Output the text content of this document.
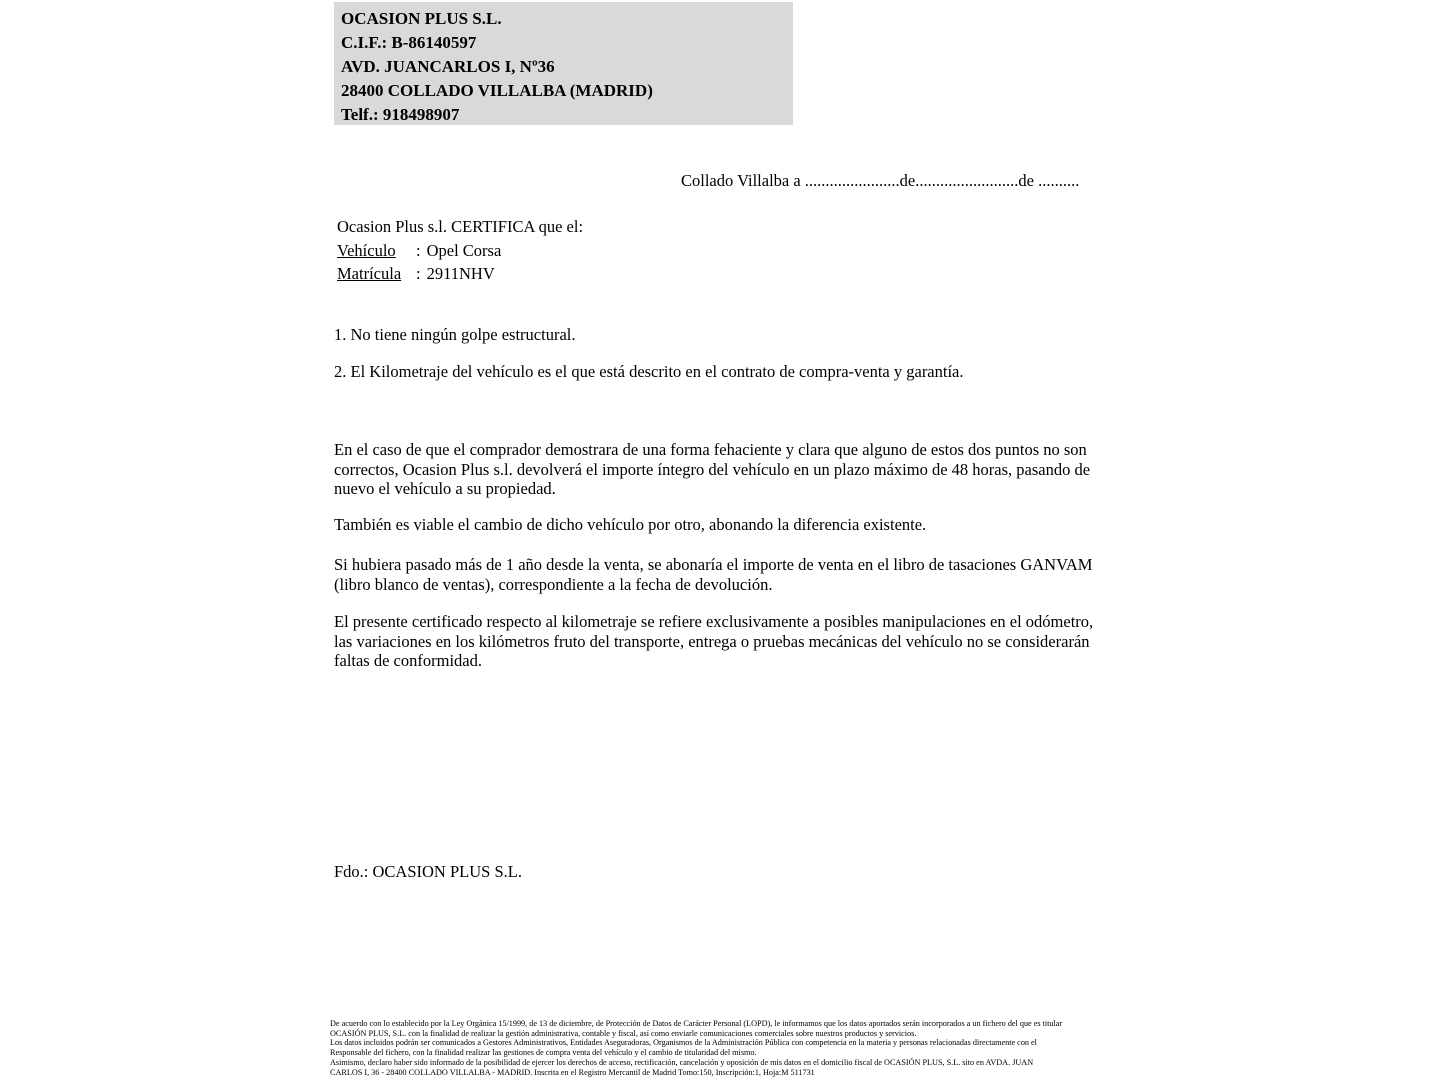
OCASION PLUS S.L.
C.I.F.: B-86140597
AVD. JUANCARLOS I, Nº36
28400 COLLADO VILLALBA (MADRID)
Telf.: 918498907
Collado Villalba a .......................de.........................de ..........
Ocasion Plus s.l. CERTIFICA que el:
Vehículo	: Opel Corsa
Matrícula : 2911NHV
1. No tiene ningún golpe estructural.
2. El Kilometraje del vehículo es el que está descrito en el contrato de compra-venta y garantía.
En el caso de que el comprador demostrara de una forma fehaciente y clara que alguno de estos dos puntos no son correctos, Ocasion Plus s.l. devolverá el importe íntegro del vehículo en un plazo máximo de 48 horas, pasando de nuevo el vehículo a su propiedad.
También es viable el cambio de dicho vehículo por otro, abonando la diferencia existente.
Si hubiera pasado más de 1 año desde la venta, se abonaría el importe de venta en el libro de tasaciones GANVAM (libro blanco de ventas), correspondiente a la fecha de devolución.
El presente certificado respecto al kilometraje se refiere exclusivamente a posibles manipulaciones en el odómetro, las variaciones en los kilómetros fruto del transporte, entrega o pruebas mecánicas del vehículo no se considerarán faltas de conformidad.
Fdo.: OCASION PLUS S.L.
De acuerdo con lo establecido por la Ley Orgánica 15/1999, de 13 de diciembre, de Protección de Datos de Carácter Personal (LOPD), le informamos que los datos aportados serán incorporados a un fichero del que es titular
OCASIÓN PLUS, S.L. con la finalidad de realizar la gestión administrativa, contable y fiscal, así como enviarle comunicaciones comerciales sobre nuestros productos y servicios.
Los datos incluidos podrán ser comunicados a Gestores Administrativos, Entidades Aseguradoras, Organismos de la Administración Pública con competencia en la materia y personas relacionadas directamente con el
Responsable del fichero, con la finalidad realizar las gestiones de compra venta del vehículo y el cambio de titularidad del mismo.
Asimismo, declaro haber sido informado de la posibilidad de ejercer los derechos de acceso, rectificación, cancelación y oposición de mis datos en el domicilio fiscal de OCASIÓN PLUS, S.L. sito en AVDA. JUAN
CARLOS I, 36 - 28400 COLLADO VILLALBA - MADRID. Inscrita en el Registro Mercantil de Madrid Tomo:150, Inscripción:1, Hoja:M 511731
